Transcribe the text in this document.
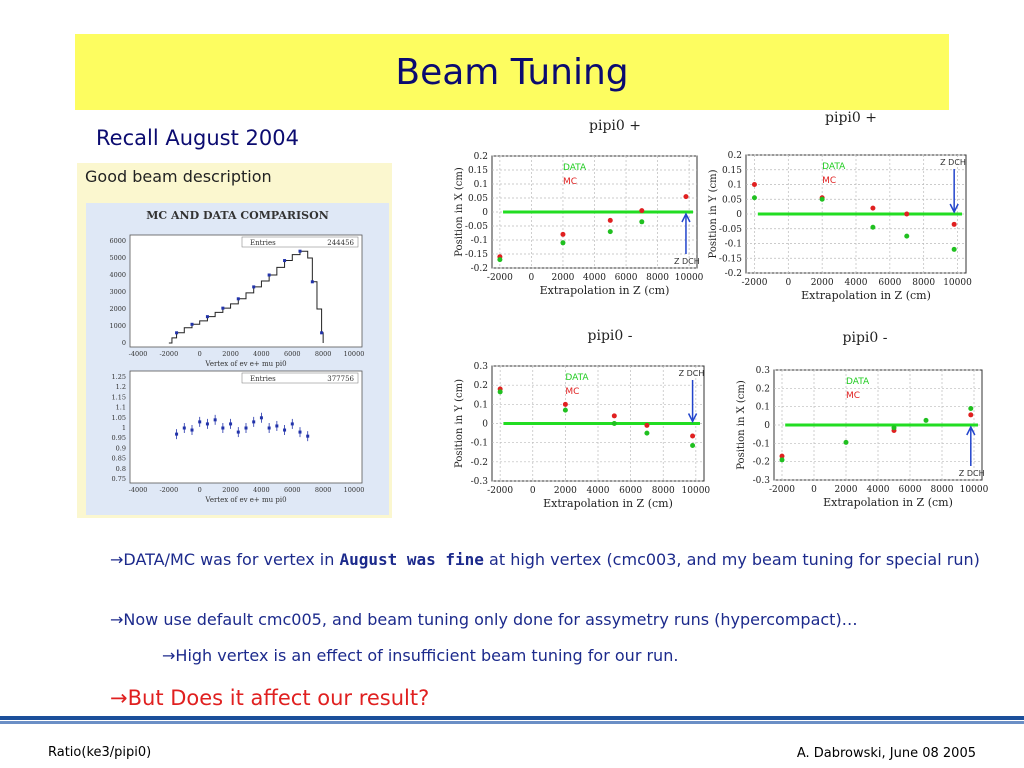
Beam Tuning
Recall August 2004
Good beam description
MC AND DATA COMPARISON
Entries	244456
6000
5000
4000
3000
2000
1000
0
-4000 -2000	0	2000 4000 6000 8000 10000
Vertex of ev e+ mu pi0
Entries	377756
1.25
1.2
1.15
1.1
1.05
1
0.95
0.9
0.85
0.8
0.75
-4000 -2000	0	2000 4000 6000 8000 10000
Vertex of ev e+ mu pi0
pipi0 +
0.2
0.15
0.1
0.05
0
-0.05
-0.1
-0.15
-0.2
-2000 0 2000 4000 6000 8000 10000
Extrapolation in Z (cm)
Position in X (cm)	DATA
MC
Z DCH
pipi0 +
0.2
0.15
0.1
0.05
0
-0.05
-0.1
-0.15
-0.2
-2000 0 2000 4000 6000 8000 10000
Extrapolation in Z (cm)
Position in Y (cm)
DATA
MC
Z DCH
pipi0 -
0.3
0.2
0.1
0
-0.1
-0.2
-0.3
-2000 0 2000 4000 6000 8000 10000
Extrapolation in Z (cm)
Position in Y (cm)
DATA
MC
Z DCH
pipi0 -
0.3
0.2
0.1
0
-0.1
-0.2
-0.3
-2000 0 2000 4000 6000 8000 10000
Extrapolation in Z (cm)
Position in X (cm)	DATA
MC
Z DCH
→DATA/MC was for vertex in August was fine at high vertex (cmc003, and my beam tuning for special run)
→Now use default cmc005, and beam tuning only done for assymetry runs (hypercompact)…
→High vertex is an effect of insufficient beam tuning for our run.
→But Does it affect our result?
Ratio(ke3/pipi0)	A. Dabrowski, June 08 2005
